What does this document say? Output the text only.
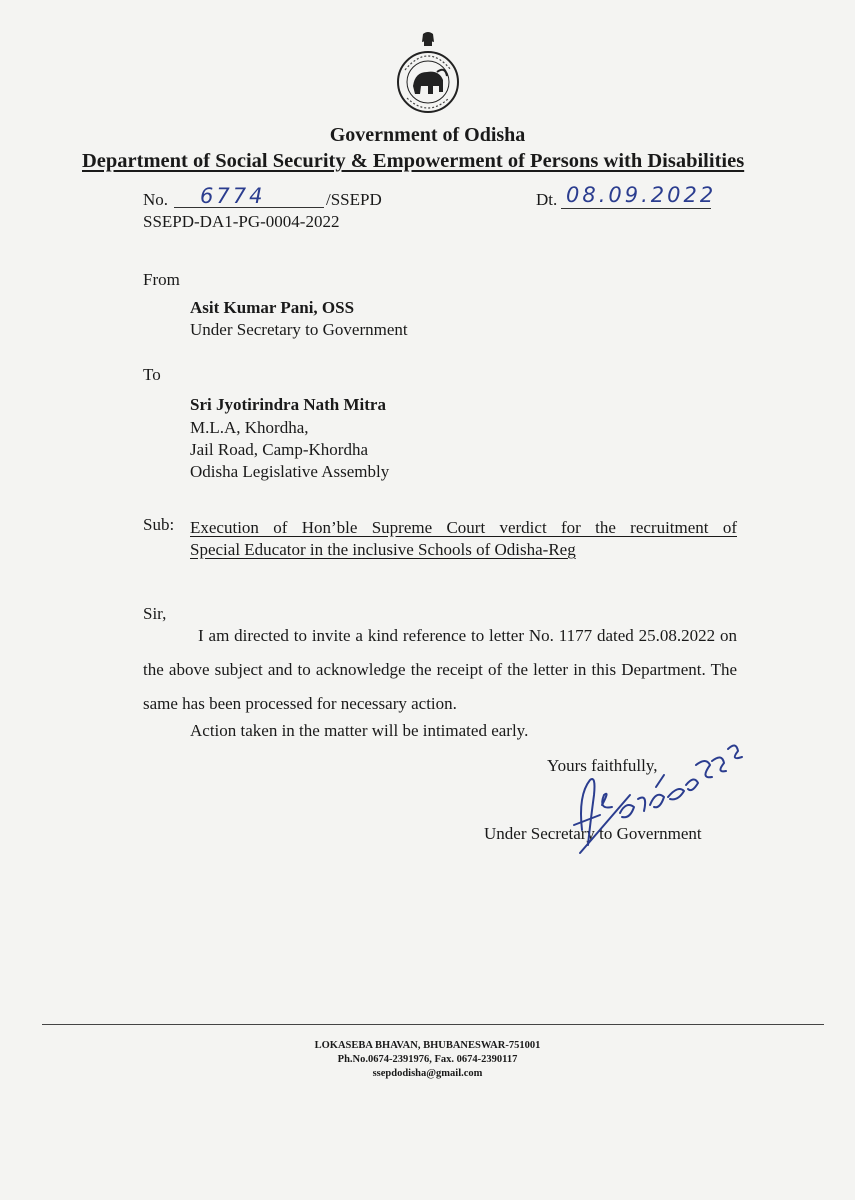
Government of Odisha
Department of Social Security & Empowerment of Persons with Disabilities
No. 6774	/SSEPD
SSEPD-DA1-PG-0004-2022
Dt. 08.09.2022
From
Asit Kumar Pani, OSS
Under Secretary to Government
To
Sri Jyotirindra Nath Mitra
M.L.A, Khordha,
Jail Road, Camp-Khordha
Odisha Legislative Assembly
Sub: Execution of Hon’ble Supreme Court verdict for the recruitment of
Special Educator in the inclusive Schools of Odisha-Reg
Sir,
I am directed to invite a kind reference to letter No. 1177 dated 25.08.2022 on the above subject and to acknowledge the receipt of the letter in this Department. The same has been processed for necessary action.
Action taken in the matter will be intimated early.
Yours faithfully,
Under Secretary to Government
LOKASEBA BHAVAN, BHUBANESWAR-751001
Ph.No.0674-2391976, Fax. 0674-2390117
ssepdodisha@gmail.com
